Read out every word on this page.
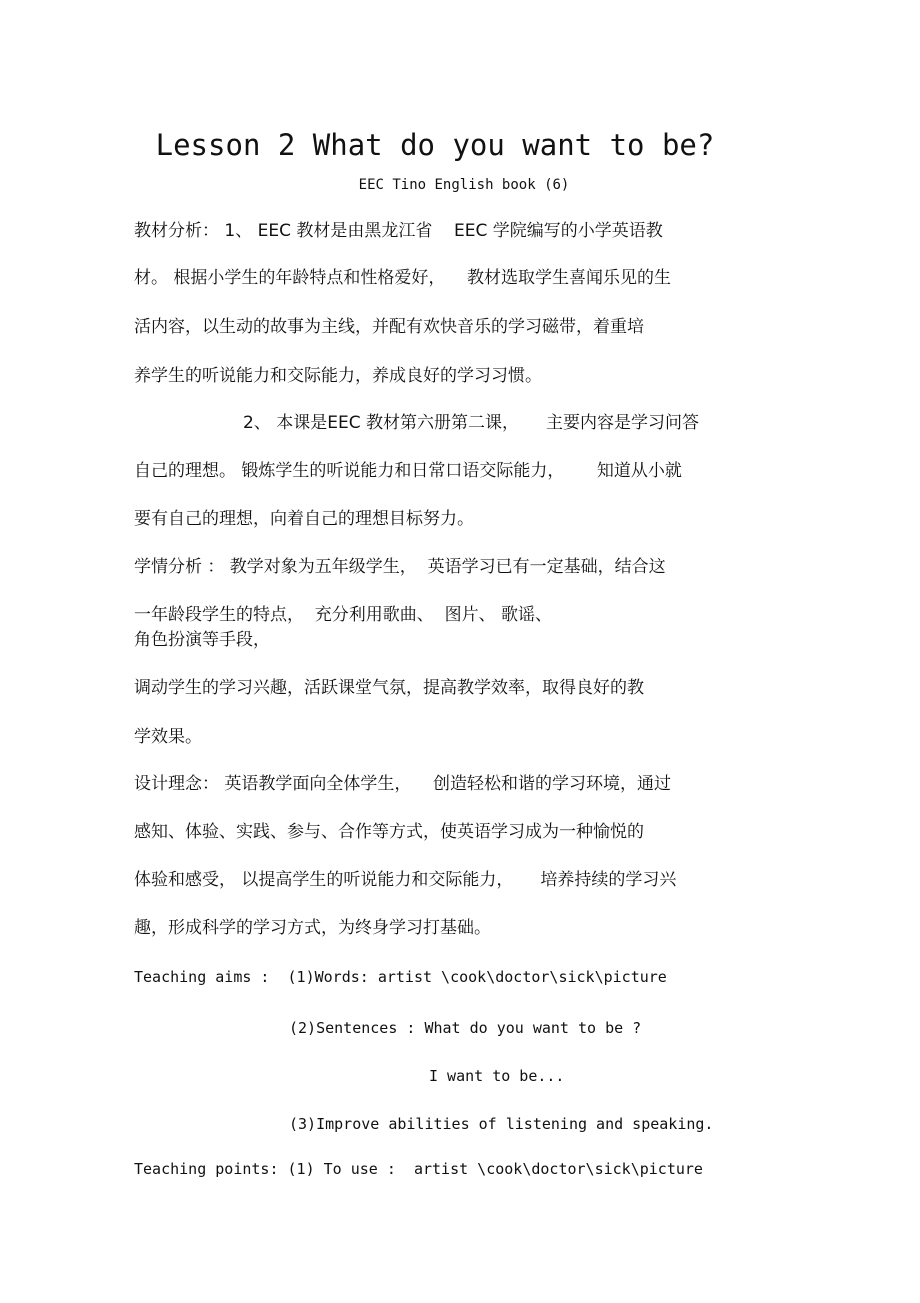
Lesson 2 What do you want to be?
EEC Tino English book (6)
教材分析： 1、 EEC 教材是由黑龙江省    EEC 学院编写的小学英语教
材。 根据小学生的年龄特点和性格爱好，    教材选取学生喜闻乐见的生
活内容，以生动的故事为主线，并配有欢快音乐的学习磁带，着重培
养学生的听说能力和交际能力，养成良好的学习习惯。
2、 本课是EEC 教材第六册第二课，     主要内容是学习问答
自己的理想。 锻炼学生的听说能力和日常口语交际能力，      知道从小就
要有自己的理想，向着自己的理想目标努力。
学情分析 ： 教学对象为五年级学生，  英语学习已有一定基础，结合这
一年龄段学生的特点，  充分利用歌曲、  图片、 歌谣、
角色扮演等手段，
调动学生的学习兴趣，活跃课堂气氛，提高教学效率，取得良好的教
学效果。
设计理念： 英语教学面向全体学生，    创造轻松和谐的学习环境，通过
感知、体验、实践、参与、合作等方式，使英语学习成为一种愉悦的
体验和感受， 以提高学生的听说能力和交际能力，     培养持续的学习兴
趣，形成科学的学习方式，为终身学习打基础。
Teaching aims :  (1)Words: artist \cook\doctor\sick\picture
(2)Sentences : What do you want to be ?
I want to be...
(3)Improve abilities of listening and speaking.
Teaching points: (1) To use :  artist \cook\doctor\sick\picture
